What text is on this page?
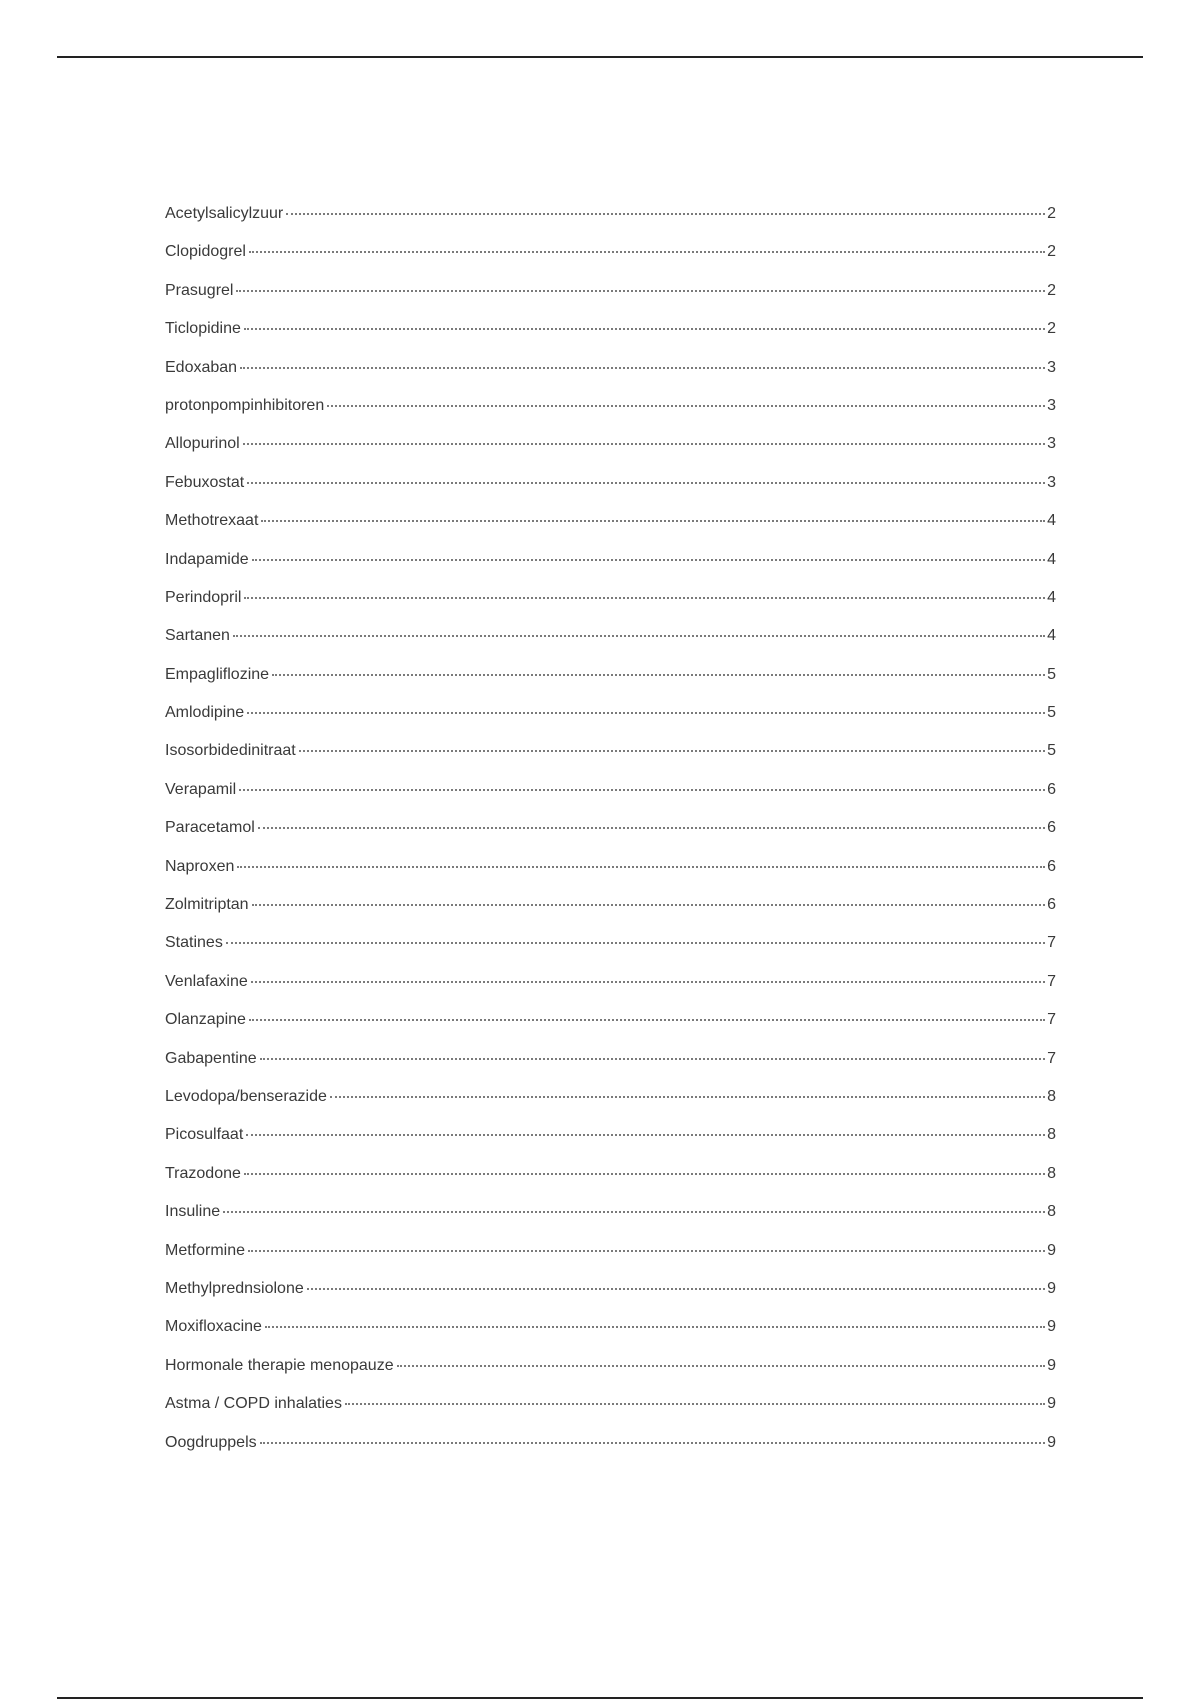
Acetylsalicylzuur	2
Clopidogrel	2
Prasugrel	2
Ticlopidine	2
Edoxaban	3
protonpompinhibitoren	3
Allopurinol	3
Febuxostat	3
Methotrexaat	4
Indapamide	4
Perindopril	4
Sartanen	4
Empagliflozine	5
Amlodipine	5
Isosorbidedinitraat	5
Verapamil	6
Paracetamol	6
Naproxen	6
Zolmitriptan	6
Statines	7
Venlafaxine	7
Olanzapine	7
Gabapentine	7
Levodopa/benserazide	8
Picosulfaat	8
Trazodone	8
Insuline	8
Metformine	9
Methylprednsiolone	9
Moxifloxacine	9
Hormonale therapie menopauze	9
Astma / COPD inhalaties	9
Oogdruppels	9
